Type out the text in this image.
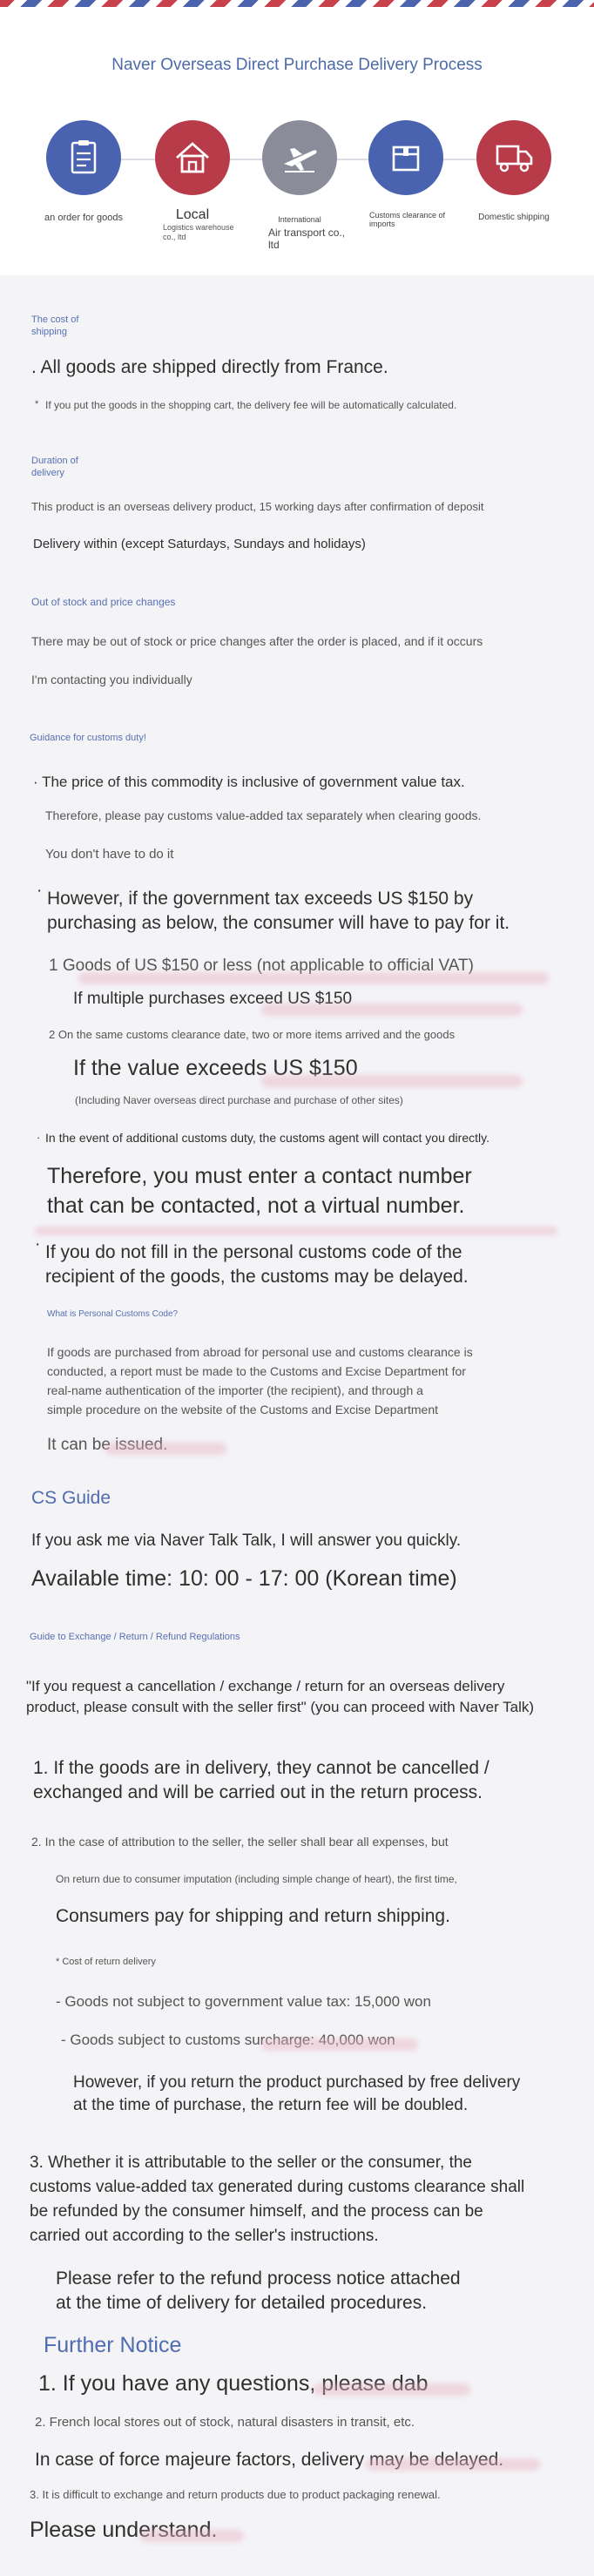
Naver Overseas Direct Purchase Delivery Process
an order for goods	Local
Logistics warehouse co., ltd
International
Air transport co., ltd
Customs clearance of imports
Domestic shipping
The cost of shipping
. All goods are shipped directly from France.
* If you put the goods in the shopping cart, the delivery fee will be automatically calculated.
Duration of delivery
This product is an overseas delivery product, 15 working days after confirmation of deposit
Delivery within (except Saturdays, Sundays and holidays)
Out of stock and price changes
There may be out of stock or price changes after the order is placed, and if it occurs
I'm contacting you individually
Guidance for customs duty!
· The price of this commodity is inclusive of government value tax.
Therefore, please pay customs value-added tax separately when clearing goods.
You don't have to do it
· However, if the government tax exceeds US $150 by
purchasing as below, the consumer will have to pay for it.
1 Goods of US $150 or less (not applicable to official VAT)
If multiple purchases exceed US $150
2 On the same customs clearance date, two or more items arrived and the goods
If the value exceeds US $150
(Including Naver overseas direct purchase and purchase of other sites)
· In the event of additional customs duty, the customs agent will contact you directly.
Therefore, you must enter a contact number
that can be contacted, not a virtual number.
· If you do not fill in the personal customs code of the
recipient of the goods, the customs may be delayed.
What is Personal Customs Code?
If goods are purchased from abroad for personal use and customs clearance is
conducted, a report must be made to the Customs and Excise Department for
real-name authentication of the importer (the recipient), and through a
simple procedure on the website of the Customs and Excise Department
It can be issued.
CS Guide
If you ask me via Naver Talk Talk, I will answer you quickly.
Available time: 10: 00 - 17: 00 (Korean time)
Guide to Exchange / Return / Refund Regulations
"If you request a cancellation / exchange / return for an overseas delivery
product, please consult with the seller first" (you can proceed with Naver Talk)
1. If the goods are in delivery, they cannot be cancelled /
exchanged and will be carried out in the return process.
2. In the case of attribution to the seller, the seller shall bear all expenses, but
On return due to consumer imputation (including simple change of heart), the first time,
Consumers pay for shipping and return shipping.
* Cost of return delivery
- Goods not subject to government value tax: 15,000 won
- Goods subject to customs surcharge: 40,000 won
However, if you return the product purchased by free delivery
at the time of purchase, the return fee will be doubled.
3. Whether it is attributable to the seller or the consumer, the
customs value-added tax generated during customs clearance shall
be refunded by the consumer himself, and the process can be
carried out according to the seller's instructions.
Please refer to the refund process notice attached
at the time of delivery for detailed procedures.
Further Notice
1. If you have any questions, please dab
2. French local stores out of stock, natural disasters in transit, etc.
In case of force majeure factors, delivery may be delayed.
3. It is difficult to exchange and return products due to product packaging renewal.
Please understand.
